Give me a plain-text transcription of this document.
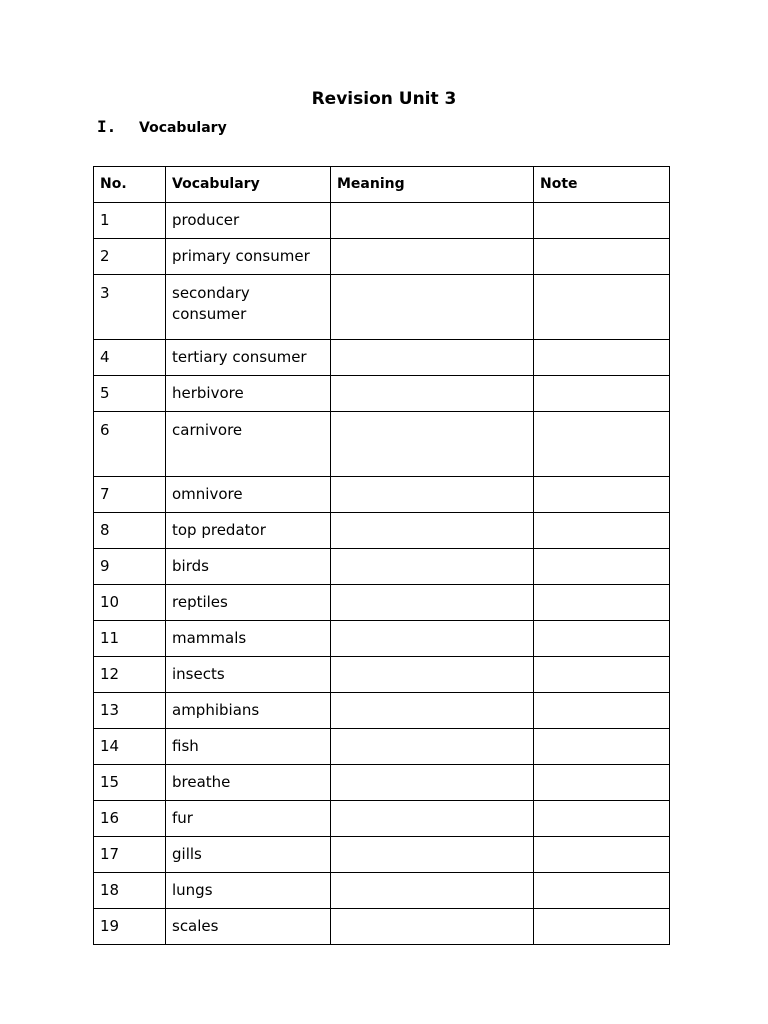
Revision Unit 3
I. Vocabulary
No.	Vocabulary	Meaning	Note
1	producer		
2	primary consumer		
3	secondary consumer		
4	tertiary consumer		
5	herbivore		
6	carnivore		
7	omnivore		
8	top predator		
9	birds		
10	reptiles		
11	mammals		
12	insects		
13	amphibians		
14	fish		
15	breathe		
16	fur		
17	gills		
18	lungs		
19	scales		
